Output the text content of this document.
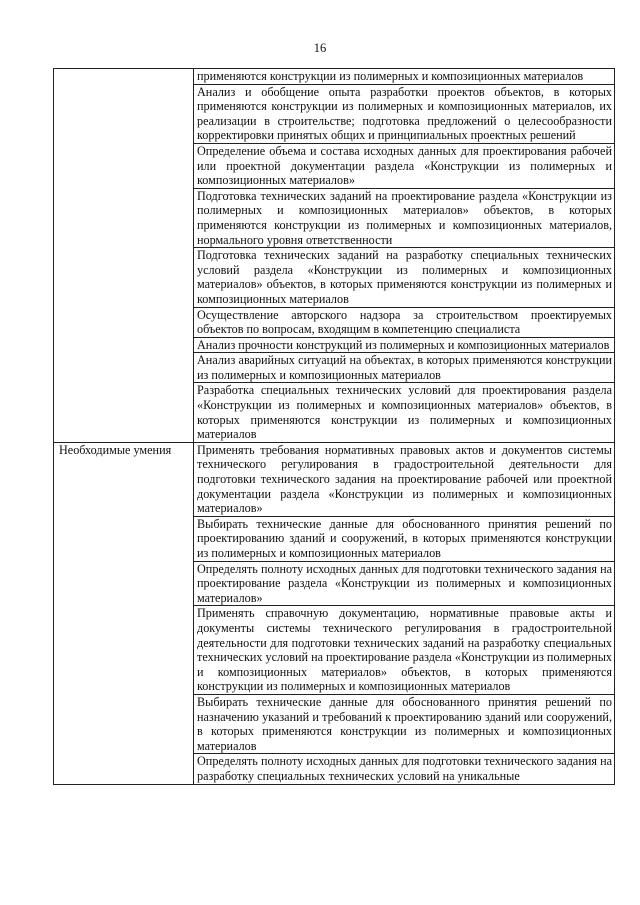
16
	применяются конструкции из полимерных и композиционных материалов
	Анализ и обобщение опыта разработки проектов объектов, в которых применяются конструкции из полимерных и композиционных материалов, их реализации в строительстве; подготовка предложений о целесообразности корректировки принятых общих и принципиальных проектных решений
	Определение объема и состава исходных данных для проектирования рабочей или проектной документации раздела «Конструкции из полимерных и композиционных материалов»
	Подготовка технических заданий на проектирование раздела «Конструкции из полимерных и композиционных материалов» объектов, в которых применяются конструкции из полимерных и композиционных материалов, нормального уровня ответственности
	Подготовка технических заданий на разработку специальных технических условий раздела «Конструкции из полимерных и композиционных материалов» объектов, в которых применяются конструкции из полимерных и композиционных материалов
	Осуществление авторского надзора за строительством проектируемых объектов по вопросам, входящим в компетенцию специалиста
	Анализ прочности конструкций из полимерных и композиционных материалов
	Анализ аварийных ситуаций на объектах, в которых применяются конструкции из полимерных и композиционных материалов
	Разработка специальных технических условий для проектирования раздела «Конструкции из полимерных и композиционных материалов» объектов, в которых применяются конструкции из полимерных и композиционных материалов
Необходимые умения	Применять требования нормативных правовых актов и документов системы технического регулирования в градостроительной деятельности для подготовки технического задания на проектирование рабочей или проектной документации раздела «Конструкции из полимерных и композиционных материалов»
	Выбирать технические данные для обоснованного принятия решений по проектированию зданий и сооружений, в которых применяются конструкции из полимерных и композиционных материалов
	Определять полноту исходных данных для подготовки технического задания на проектирование раздела «Конструкции из полимерных и композиционных материалов»
	Применять справочную документацию, нормативные правовые акты и документы системы технического регулирования в градостроительной деятельности для подготовки технических заданий на разработку специальных технических условий на проектирование раздела «Конструкции из полимерных и композиционных материалов» объектов, в которых применяются конструкции из полимерных и композиционных материалов
	Выбирать технические данные для обоснованного принятия решений по назначению указаний и требований к проектированию зданий или сооружений, в которых применяются конструкции из полимерных и композиционных материалов
	Определять полноту исходных данных для подготовки технического задания на разработку специальных технических условий на уникальные
